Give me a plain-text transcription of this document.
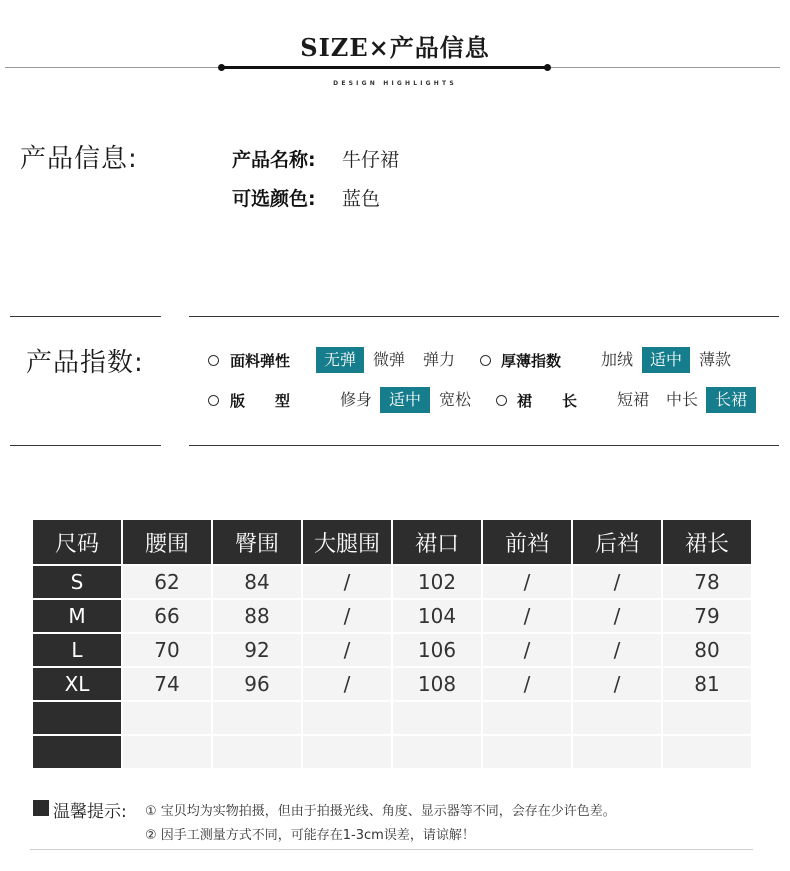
SIZE×产品信息
DESIGN HIGHLIGHTS
产品信息:	产品名称:	牛仔裙
可选颜色:	蓝色
产品指数:	面料弹性	无弹	微弹	弹力	厚薄指数	加绒	适中	薄款
版　　型	修身	适中	宽松	裙　　长	短裙	中长	长裙
尺码	腰围	臀围	大腿围	裙口	前裆	后裆	裙长
S	62	84	/	102	/	/	78
M	66	88	/	104	/	/	79
L	70	92	/	106	/	/	80
XL	74	96	/	108	/	/	81

温馨提示: ① 宝贝均为实物拍摄，但由于拍摄光线、角度、显示器等不同，会存在少许色差。
② 因手工测量方式不同，可能存在1-3cm误差，请谅解！
